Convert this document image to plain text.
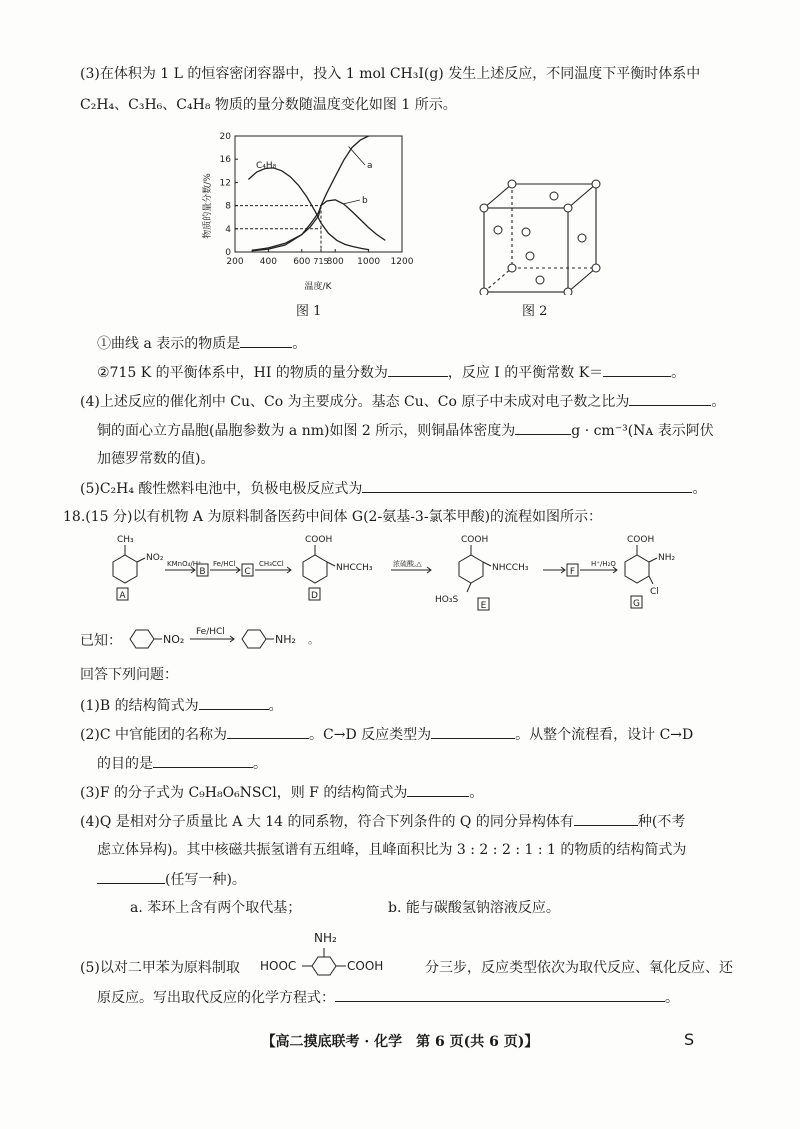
(3)在体积为 1 L 的恒容密闭容器中，投入 1 mol CH₃I(g) 发生上述反应，不同温度下平衡时体系中
C₂H₄、C₃H₆、C₄H₈ 物质的量分数随温度变化如图 1 所示。
0
4
8
12
16
20
200 400 600 715
800 1000 1200
C₄H₈	a
b
物质的量分数/%
温度/K
图 1	图 2
①曲线 a 表示的物质是	。
②715 K 的平衡体系中，HI 的物质的量分数为	，反应 Ⅰ 的平衡常数 K＝	。
(4)上述反应的催化剂中 Cu、Co 为主要成分。基态 Cu、Co 原子中未成对电子数之比为	。
铜的面心立方晶胞(晶胞参数为 a nm)如图 2 所示，则铜晶体密度为	g · cm⁻³(Nᴀ 表示阿伏
加德罗常数的值)。
(5)C₂H₄ 酸性燃料电池中，负极电极反应式为	。
18.(15 分)以有机物 A 为原料制备医药中间体 G(2-氨基-3-氯苯甲酸)的流程如图所示：
CH₃
NO₂
KMnO₄/H⁺ Fe/HCl	CH₃CCl
COOH
NHCCH₃	浓硫酸,△
COOH
NHCCH₃
HO₃S
H⁺/H₂O
COOH
NH₂
Cl
A
B	C
D
E
F
G
已知：	NO₂
Fe/HCl
NH₂ 。
回答下列问题：
(1)B 的结构简式为	。
(2)C 中官能团的名称为	。C→D 反应类型为	。从整个流程看，设计 C→D
的目的是	。
(3)F 的分子式为 C₉H₈O₆NSCl，则 F 的结构简式为	。
(4)Q 是相对分子质量比 A 大 14 的同系物，符合下列条件的 Q 的同分异构体有	种(不考
虑立体异构)。其中核磁共振氢谱有五组峰，且峰面积比为 3 : 2 : 2 : 1 : 1 的物质的结构简式为
(任写一种)。
a. 苯环上含有两个取代基；	b. 能与碳酸氢钠溶液反应。
(5)以对二甲苯为原料制取 HOOC	COOH
NH₂
分三步，反应类型依次为取代反应、氧化反应、还
原反应。写出取代反应的化学方程式：	。
【高二摸底联考 · 化学　第 6 页(共 6 页)】	S
